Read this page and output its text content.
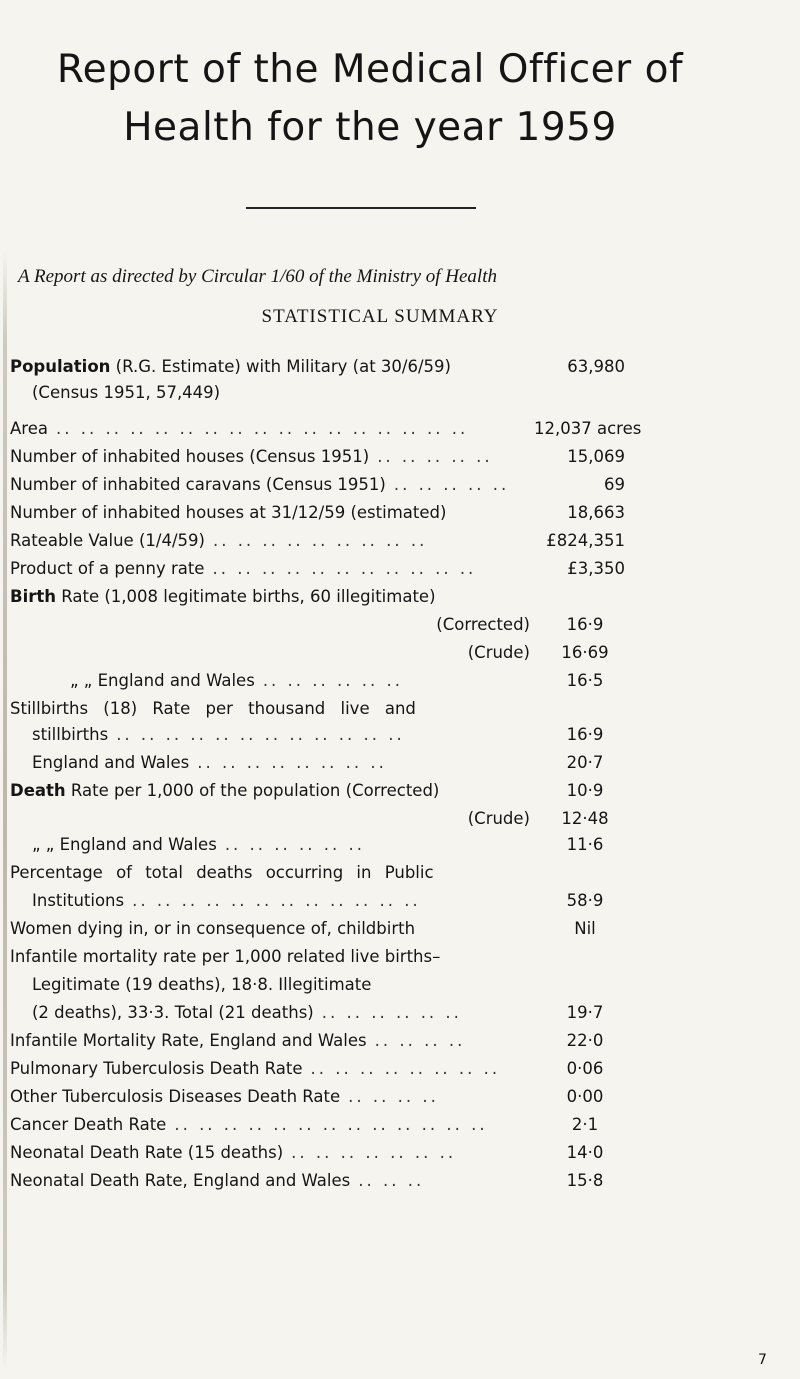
Report of the Medical Officer of
Health for the year 1959
A Report as directed by Circular 1/60 of the Ministry of Health
STATISTICAL SUMMARY
Population (R.G. Estimate) with Military (at 30/6/59)	63,980
(Census 1951, 57,449)
Area .. .. .. .. .. .. .. .. .. .. .. .. .. .. .. .. ..	12,037 acres
Number of inhabited houses (Census 1951) .. .. .. .. ..	15,069
Number of inhabited caravans (Census 1951) .. .. .. .. ..	69
Number of inhabited houses at 31/12/59 (estimated)	18,663
Rateable Value (1/4/59) .. .. .. .. .. .. .. .. ..	£824,351
Product of a penny rate .. .. .. .. .. .. .. .. .. .. ..	£3,350
Birth Rate (1,008 legitimate births, 60 illegitimate)
(Corrected)	16·9
(Crude)	16·69
„ „ England and Wales .. .. .. .. .. ..	16·5
Stillbirths (18) Rate per thousand live and
stillbirths .. .. .. .. .. .. .. .. .. .. .. ..	16·9
England and Wales .. .. .. .. .. .. .. ..	20·7
Death Rate per 1,000 of the population (Corrected)	10·9
(Crude)	12·48
„ „ England and Wales .. .. .. .. .. ..	11·6
Percentage of total deaths occurring in Public
Institutions .. .. .. .. .. .. .. .. .. .. .. ..	58·9
Women dying in, or in consequence of, childbirth	Nil
Infantile mortality rate per 1,000 related live births–
Legitimate (19 deaths), 18·8. Illegitimate
(2 deaths), 33·3. Total (21 deaths) .. .. .. .. .. ..	19·7
Infantile Mortality Rate, England and Wales .. .. .. ..	22·0
Pulmonary Tuberculosis Death Rate .. .. .. .. .. .. .. ..	0·06
Other Tuberculosis Diseases Death Rate .. .. .. ..	0·00
Cancer Death Rate .. .. .. .. .. .. .. .. .. .. .. .. ..	2·1
Neonatal Death Rate (15 deaths) .. .. .. .. .. .. ..	14·0
Neonatal Death Rate, England and Wales .. .. ..	15·8
7
